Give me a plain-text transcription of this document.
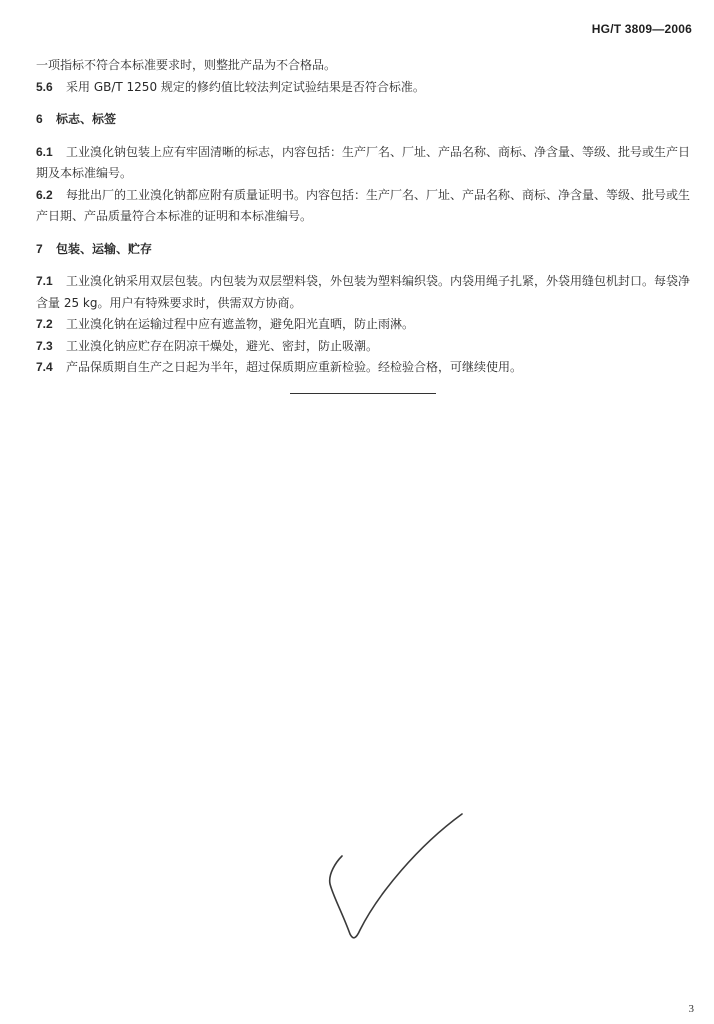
HG/T 3809—2006

一项指标不符合本标准要求时，则整批产品为不合格品。

5.6 采用 GB/T 1250 规定的修约值比较法判定试验结果是否符合标准。

6 标志、标签

6.1 工业溴化钠包装上应有牢固清晰的标志，内容包括：生产厂名、厂址、产品名称、商标、净含量、等级、批号或生产日期及本标准编号。

6.2 每批出厂的工业溴化钠都应附有质量证明书。内容包括：生产厂名、厂址、产品名称、商标、净含量、等级、批号或生产日期、产品质量符合本标准的证明和本标准编号。

7 包装、运输、贮存

7.1 工业溴化钠采用双层包装。内包装为双层塑料袋，外包装为塑料编织袋。内袋用绳子扎紧，外袋用缝包机封口。每袋净含量 25 kg。用户有特殊要求时，供需双方协商。

7.2 工业溴化钠在运输过程中应有遮盖物，避免阳光直晒，防止雨淋。

7.3 工业溴化钠应贮存在阴凉干燥处，避光、密封，防止吸潮。

7.4 产品保质期自生产之日起为半年，超过保质期应重新检验。经检验合格，可继续使用。

3
